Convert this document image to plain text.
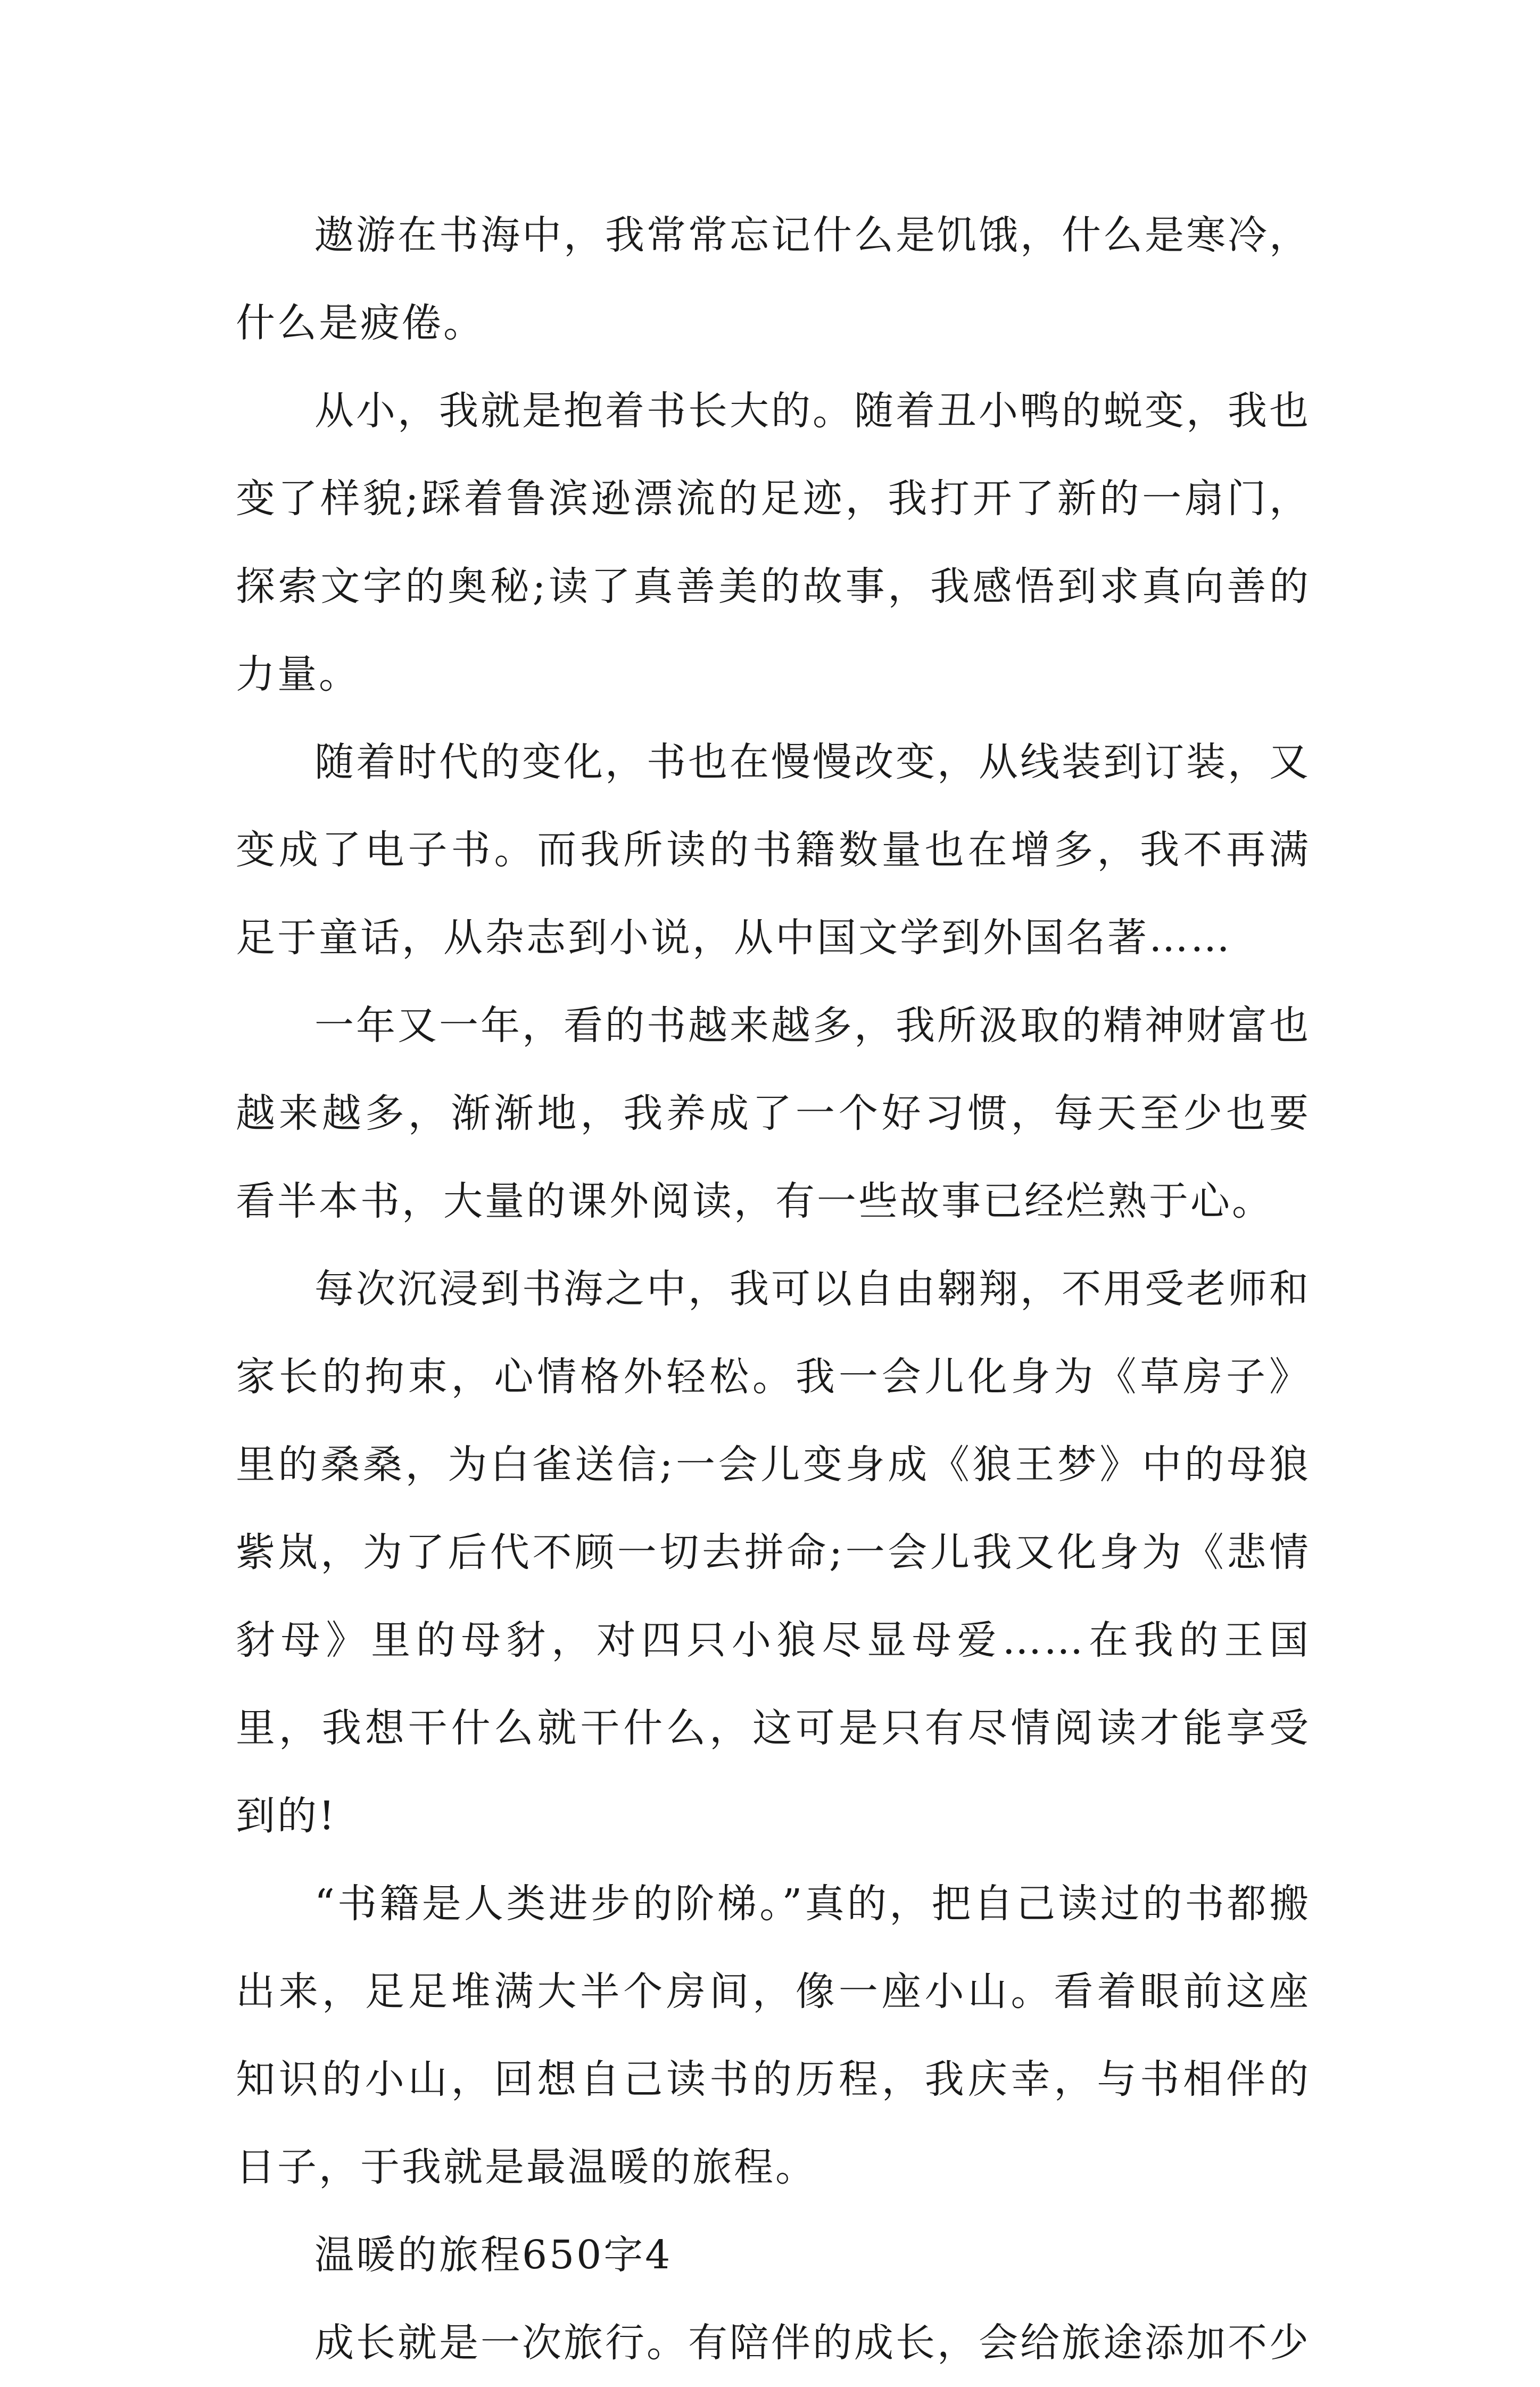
遨游在书海中，我常常忘记什么是饥饿，什么是寒冷，什么是疲倦。

从小，我就是抱着书长大的。随着丑小鸭的蜕变，我也变了样貌;踩着鲁滨逊漂流的足迹，我打开了新的一扇门，探索文字的奥秘;读了真善美的故事，我感悟到求真向善的力量。

随着时代的变化，书也在慢慢改变，从线装到订装，又变成了电子书。而我所读的书籍数量也在增多，我不再满足于童话，从杂志到小说，从中国文学到外国名著……

一年又一年，看的书越来越多，我所汲取的精神财富也越来越多，渐渐地，我养成了一个好习惯，每天至少也要看半本书，大量的课外阅读，有一些故事已经烂熟于心。

每次沉浸到书海之中，我可以自由翱翔，不用受老师和家长的拘束，心情格外轻松。我一会儿化身为《草房子》里的桑桑，为白雀送信;一会儿变身成《狼王梦》中的母狼紫岚，为了后代不顾一切去拼命;一会儿我又化身为《悲情豺母》里的母豺，对四只小狼尽显母爱……在我的王国里，我想干什么就干什么，这可是只有尽情阅读才能享受到的!

“书籍是人类进步的阶梯。”真的，把自己读过的书都搬出来，足足堆满大半个房间，像一座小山。看着眼前这座知识的小山，回想自己读书的历程，我庆幸，与书相伴的日子，于我就是最温暖的旅程。

温暖的旅程650字4

成长就是一次旅行。有陪伴的成长，会给旅途添加不少
